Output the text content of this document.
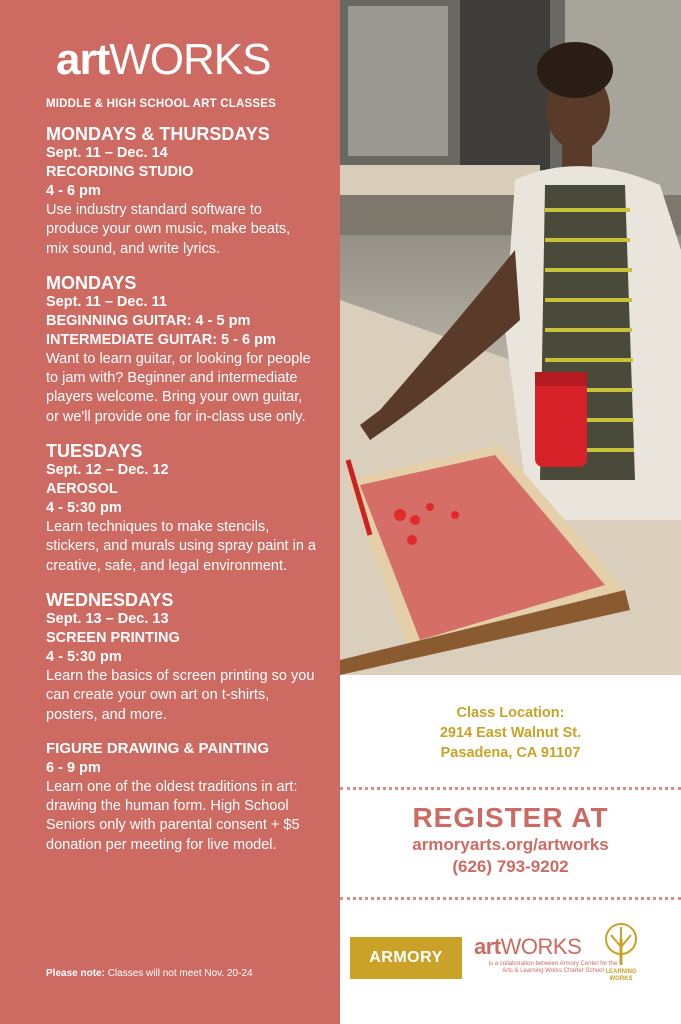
artWORKS
MIDDLE & HIGH SCHOOL ART CLASSES
MONDAYS & THURSDAYS
Sept. 11 – Dec. 14
RECORDING STUDIO
4 - 6 pm
Use industry standard software to produce your own music, make beats, mix sound, and write lyrics.
MONDAYS
Sept. 11 – Dec. 11
BEGINNING GUITAR: 4 - 5 pm
INTERMEDIATE GUITAR: 5 - 6 pm
Want to learn guitar, or looking for people to jam with? Beginner and intermediate players welcome. Bring your own guitar, or we'll provide one for in-class use only.
TUESDAYS
Sept. 12 – Dec. 12
AEROSOL
4 - 5:30 pm
Learn techniques to make stencils, stickers, and murals using spray paint in a creative, safe, and legal environment.
WEDNESDAYS
Sept. 13 – Dec. 13
SCREEN PRINTING
4 - 5:30 pm
Learn the basics of screen printing so you can create your own art on t-shirts, posters, and more.
FIGURE DRAWING & PAINTING
6 - 9 pm
Learn one of the oldest traditions in art: drawing the human form. High School Seniors only with parental consent + $5 donation per meeting for live model.
Please note: Classes will not meet Nov. 20-24
Class Location:
2914 East Walnut St.
Pasadena, CA 91107
REGISTER AT
armoryarts.org/artworks
(626) 793-9202
ARMORY	artWORKS
is a collaboration between Armory Center for the Arts & Learning Works Charter School LEARNING WORKS
